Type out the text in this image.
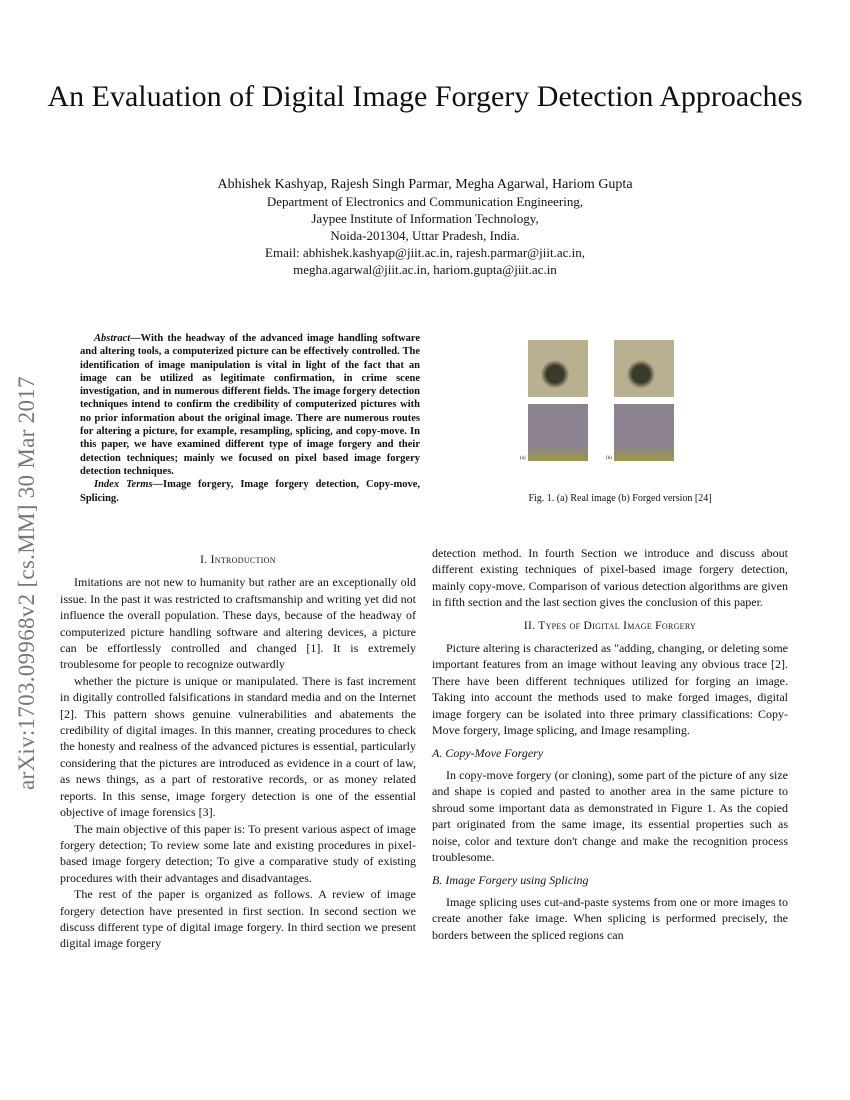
arXiv:1703.09968v2 [cs.MM] 30 Mar 2017
An Evaluation of Digital Image Forgery Detection Approaches
Abhishek Kashyap, Rajesh Singh Parmar, Megha Agarwal, Hariom Gupta
Department of Electronics and Communication Engineering,
Jaypee Institute of Information Technology,
Noida-201304, Uttar Pradesh, India.
Email: abhishek.kashyap@jiit.ac.in, rajesh.parmar@jiit.ac.in,
megha.agarwal@jiit.ac.in, hariom.gupta@jiit.ac.in

Abstract—With the headway of the advanced image handling software and altering tools, a computerized picture can be effectively controlled. The identification of image manipulation is vital in light of the fact that an image can be utilized as legitimate confirmation, in crime scene investigation, and in numerous different fields. The image forgery detection techniques intend to confirm the credibility of computerized pictures with no prior information about the original image. There are numerous routes for altering a picture, for example, resampling, splicing, and copy-move. In this paper, we have examined different type of image forgery and their detection techniques; mainly we focused on pixel based image forgery detection techniques.

Index Terms—Image forgery, Image forgery detection, Copy-move, Splicing.

(a)	(b)
Fig. 1. (a) Real image (b) Forged version [24]
I. Introduction

Imitations are not new to humanity but rather are an exceptionally old issue. In the past it was restricted to craftsmanship and writing yet did not influence the overall population. These days, because of the headway of computerized picture handling software and altering devices, a picture can be effortlessly controlled and changed [1]. It is extremely troublesome for people to recognize outwardly

whether the picture is unique or manipulated. There is fast increment in digitally controlled falsifications in standard media and on the Internet [2]. This pattern shows genuine vulnerabilities and abatements the credibility of digital images. In this manner, creating procedures to check the honesty and realness of the advanced pictures is essential, particularly considering that the pictures are introduced as evidence in a court of law, as news things, as a part of restorative records, or as money related reports. In this sense, image forgery detection is one of the essential objective of image forensics [3].

The main objective of this paper is: To present various aspect of image forgery detection; To review some late and existing procedures in pixel-based image forgery detection; To give a comparative study of existing procedures with their advantages and disadvantages.

The rest of the paper is organized as follows. A review of image forgery detection have presented in first section. In second section we discuss different type of digital image forgery. In third section we present digital image forgery

detection method. In fourth Section we introduce and discuss about different existing techniques of pixel-based image forgery detection, mainly copy-move. Comparison of various detection algorithms are given in fifth section and the last section gives the conclusion of this paper.

II. Types of Digital Image Forgery

Picture altering is characterized as "adding, changing, or deleting some important features from an image without leaving any obvious trace [2]. There have been different techniques utilized for forging an image. Taking into account the methods used to make forged images, digital image forgery can be isolated into three primary classifications: Copy-Move forgery, Image splicing, and Image resampling.

A. Copy-Move Forgery

In copy-move forgery (or cloning), some part of the picture of any size and shape is copied and pasted to another area in the same picture to shroud some important data as demonstrated in Figure 1. As the copied part originated from the same image, its essential properties such as noise, color and texture don't change and make the recognition process troublesome.

B. Image Forgery using Splicing

Image splicing uses cut-and-paste systems from one or more images to create another fake image. When splicing is performed precisely, the borders between the spliced regions can
